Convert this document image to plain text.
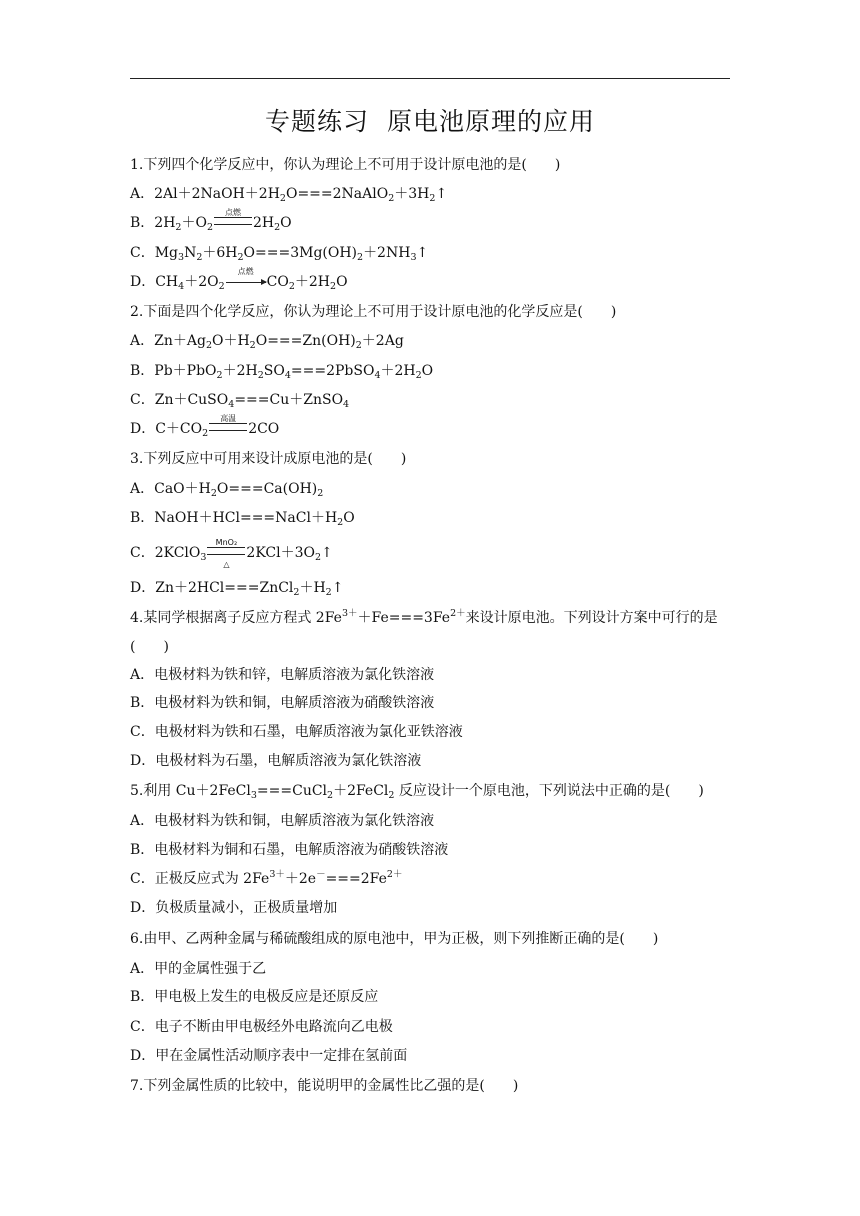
专题练习  原电池原理的应用
1.下列四个化学反应中，你认为理论上不可用于设计原电池的是(　　)
A．$2Al+2NaOH+2H_2O===2NaAlO_2+3H_2↑$
B．$2H_2+O_2$
点燃
$2H_2O$
C．$Mg_3N_2+6H_2O===3Mg(OH)_2+2NH_3↑$
D．$CH_4+2O_2$
点燃
$CO_2+2H_2O$
2.下面是四个化学反应，你认为理论上不可用于设计原电池的化学反应是(　　)
A．$Zn+Ag_2O+H_2O===Zn(OH)_2+2Ag$
B．$Pb+PbO_2+2H_2SO_4===2PbSO_4+2H_2O$
C．Zn＋CuSO$_4$===Cu＋ZnSO$_4$
D．$C+CO_2$
高温
2CO
3.下列反应中可用来设计成原电池的是(　　)
A．$CaO+H_2O===Ca(OH)_2$
B．$NaOH+HCl===NaCl+H_2O$
C．2KClO$_3$
MnO₂
△
$2KCl+3O_2↑$
D．$Zn+2HCl===ZnCl_2+H_2↑$
4.某同学根据离子反应方程式 $2Fe^{3+}+Fe===3Fe^{2+}$来设计原电池。下列设计方案中可行的是
(　　)
A．电极材料为铁和锌，电解质溶液为氯化铁溶液
B．电极材料为铁和铜，电解质溶液为硝酸铁溶液
C．电极材料为铁和石墨，电解质溶液为氯化亚铁溶液
D．电极材料为石墨，电解质溶液为氯化铁溶液
5.利用 Cu＋2FeCl$_3$===CuCl$_2$＋2FeCl$_2$ 反应设计一个原电池，下列说法中正确的是(　　)
A．电极材料为铁和铜，电解质溶液为氯化铁溶液
B．电极材料为铜和石墨，电解质溶液为硝酸铁溶液
C．正极反应式为 $2Fe^{3+}+2e^-===2Fe^{2+}$
D．负极质量减小，正极质量增加
6.由甲、乙两种金属与稀硫酸组成的原电池中，甲为正极，则下列推断正确的是(　　)
A．甲的金属性强于乙
B．甲电极上发生的电极反应是还原反应
C．电子不断由甲电极经外电路流向乙电极
D．甲在金属性活动顺序表中一定排在氢前面
7.下列金属性质的比较中，能说明甲的金属性比乙强的是(　　)
